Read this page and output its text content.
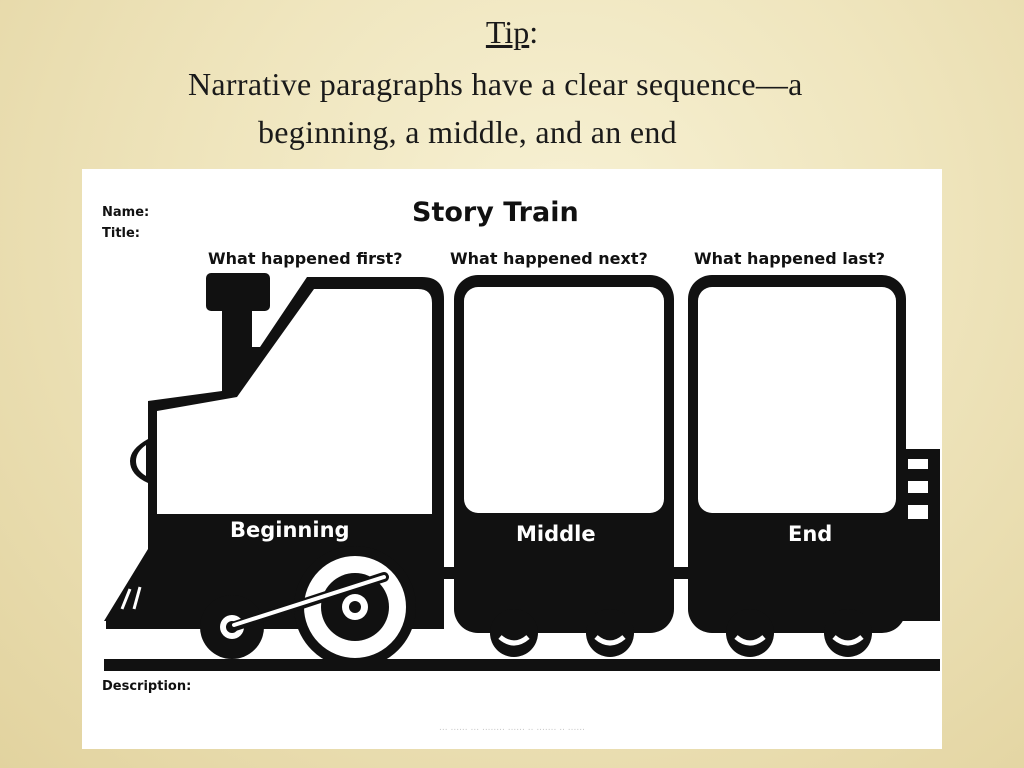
Tip:
Narrative paragraphs have a clear sequence—a
beginning, a middle, and an end
Name:
Title:
Story Train
What happened first?	What happened next?	What happened last?
Beginning	Middle	End
Description:
... ...... ... ........ ...... .. ....... .. ......
